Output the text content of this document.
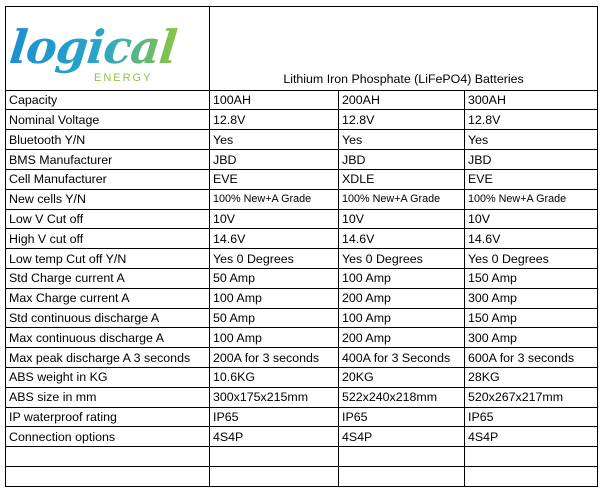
logical
ENERGY	Lithium Iron Phosphate (LiFePO4) Batteries		
Capacity	100AH	200AH	300AH
Nominal Voltage	12.8V	12.8V	12.8V
Bluetooth Y/N	Yes	Yes	Yes
BMS Manufacturer	JBD	JBD	JBD
Cell Manufacturer	EVE	XDLE	EVE
New cells Y/N	100% New+A Grade	100% New+A Grade	100% New+A Grade
Low V Cut off	10V	10V	10V
High V cut off	14.6V	14.6V	14.6V
Low temp Cut off Y/N	Yes 0 Degrees	Yes 0 Degrees	Yes 0 Degrees
Std Charge current A	50 Amp	100 Amp	150 Amp
Max Charge current A	100 Amp	200 Amp	300 Amp
Std continuous discharge A	50 Amp	100 Amp	150 Amp
Max continuous discharge A	100 Amp	200 Amp	300 Amp
Max peak discharge A 3 seconds	200A for 3 seconds	400A for 3 Seconds	600A for 3 seconds
ABS weight in KG	10.6KG	20KG	28KG
ABS size in mm	300x175x215mm	522x240x218mm	520x267x217mm
IP waterproof rating	IP65	IP65	IP65
Connection options	4S4P	4S4P	4S4P
